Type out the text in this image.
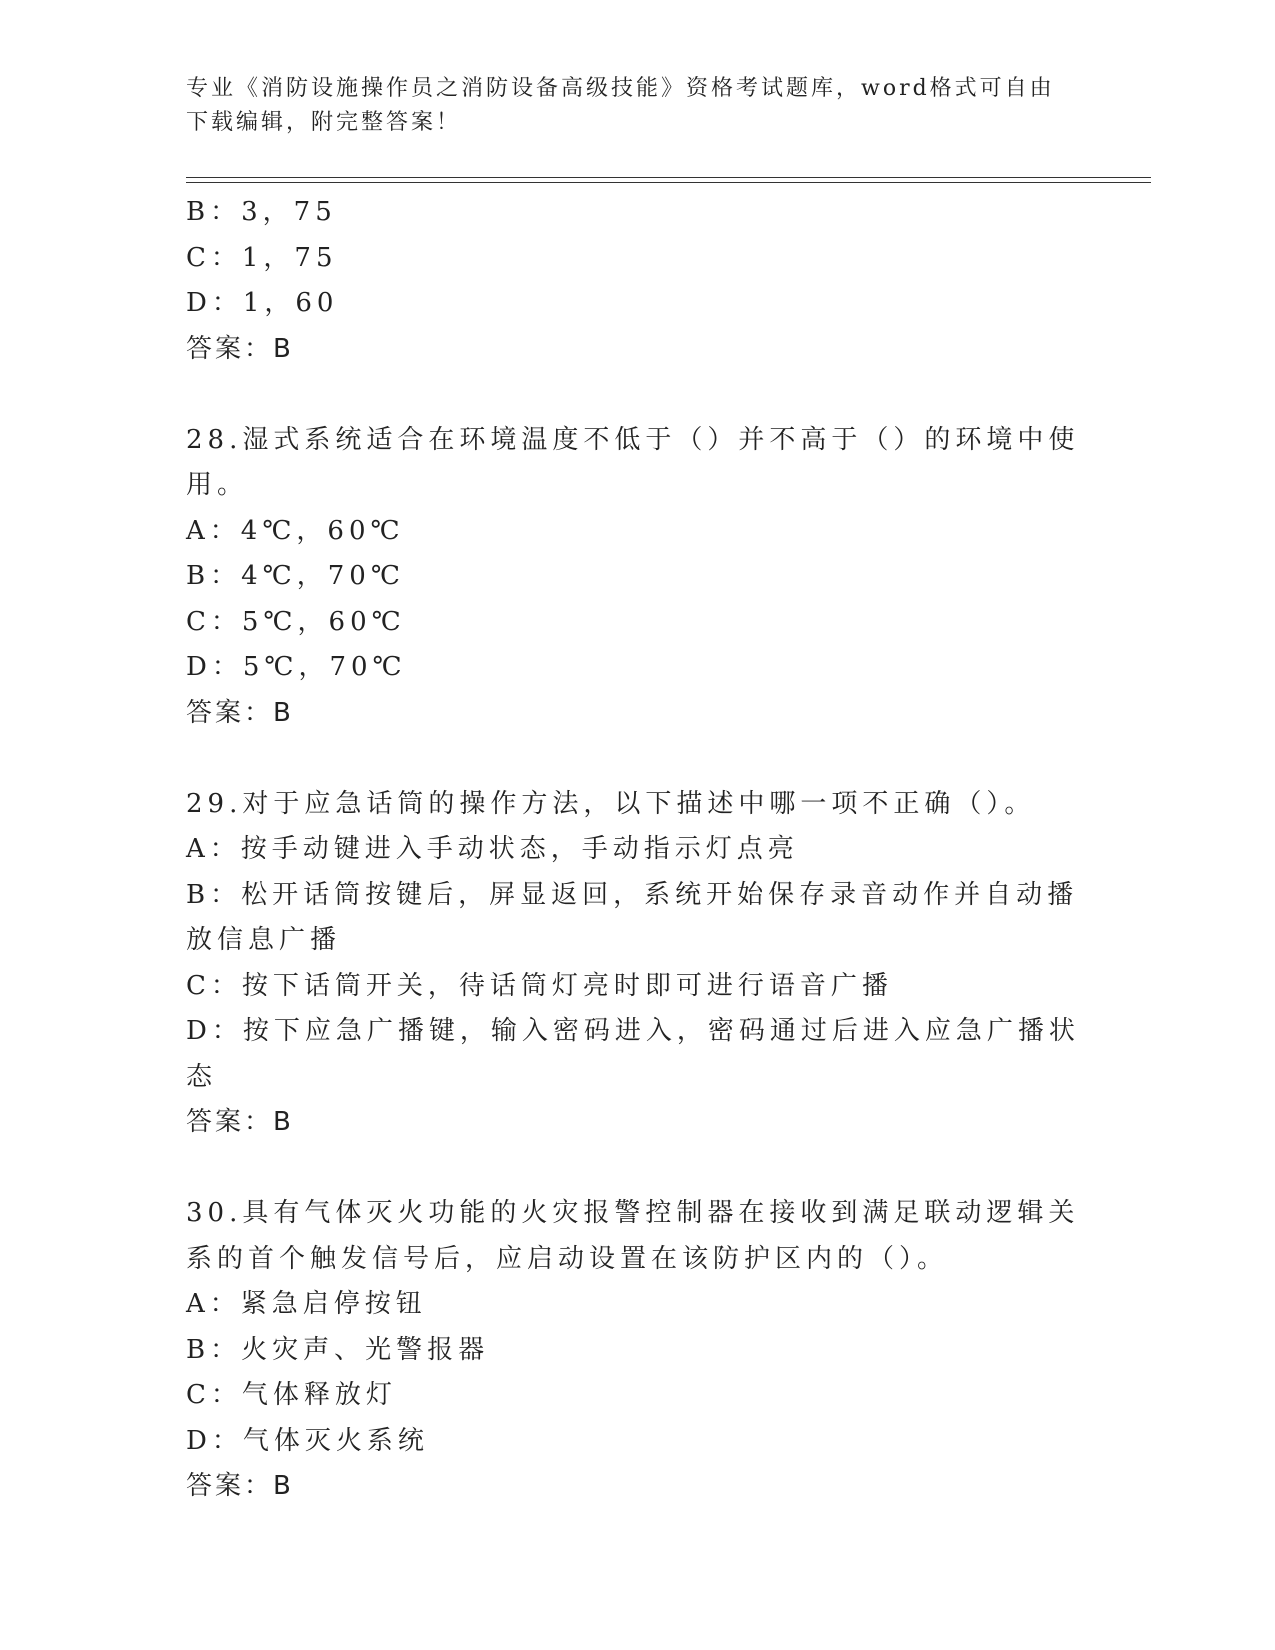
专业《消防设施操作员之消防设备高级技能》资格考试题库，word格式可自由下载编辑，附完整答案！
B：3，75
C：1，75
D：1，60
答案：B
28.湿式系统适合在环境温度不低于（）并不高于（）的环境中使用。
A：4℃，60℃
B：4℃，70℃
C：5℃，60℃
D：5℃，70℃
答案：B
29.对于应急话筒的操作方法，以下描述中哪一项不正确（）。
A：按手动键进入手动状态，手动指示灯点亮
B：松开话筒按键后，屏显返回，系统开始保存录音动作并自动播放信息广播
C：按下话筒开关，待话筒灯亮时即可进行语音广播
D：按下应急广播键，输入密码进入，密码通过后进入应急广播状态
答案：B
30.具有气体灭火功能的火灾报警控制器在接收到满足联动逻辑关系的首个触发信号后，应启动设置在该防护区内的（）。
A：紧急启停按钮
B：火灾声、光警报器
C：气体释放灯
D：气体灭火系统
答案：B
